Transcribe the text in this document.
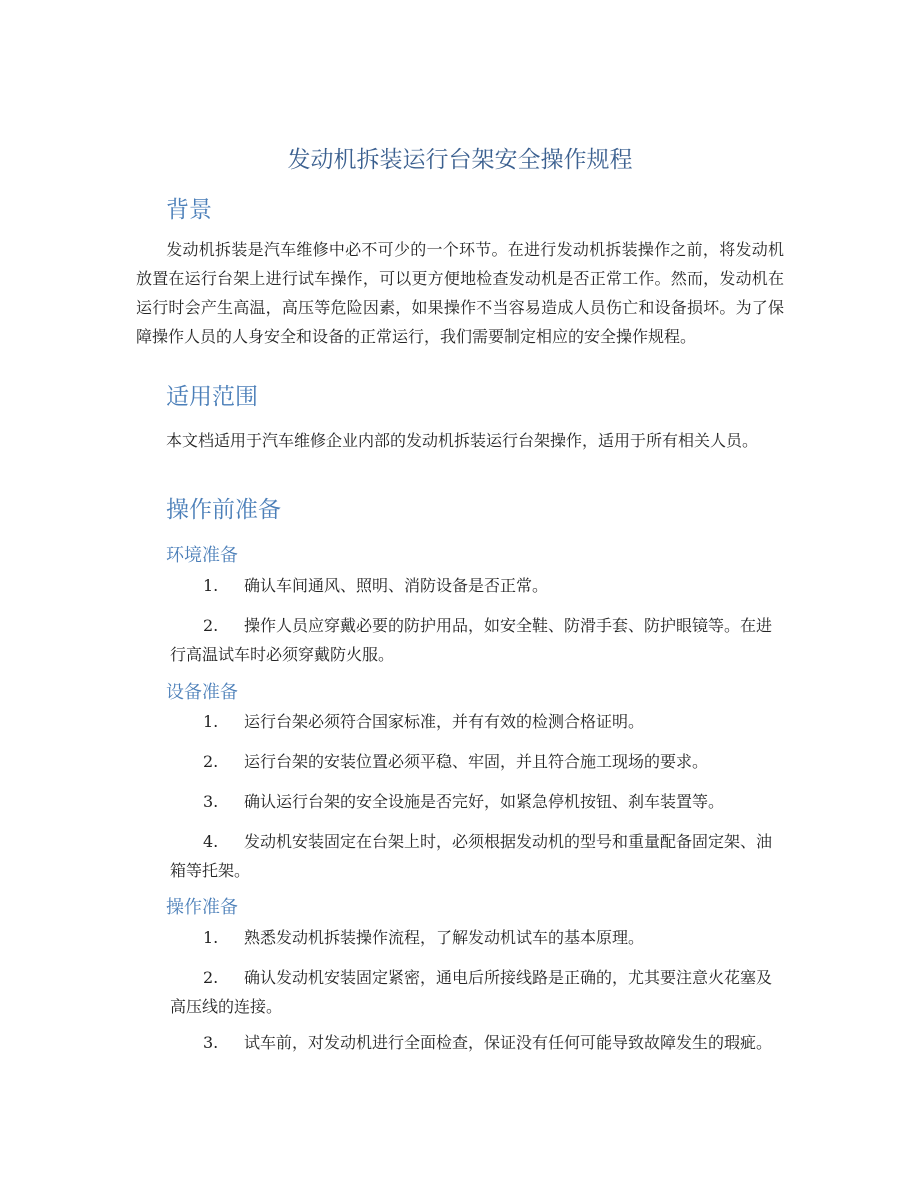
发动机拆装运行台架安全操作规程
背景

发动机拆装是汽车维修中必不可少的一个环节。在进行发动机拆装操作之前，将发动机放置在运行台架上进行试车操作，可以更方便地检查发动机是否正常工作。然而，发动机在运行时会产生高温，高压等危险因素，如果操作不当容易造成人员伤亡和设备损坏。为了保障操作人员的人身安全和设备的正常运行，我们需要制定相应的安全操作规程。

适用范围

本文档适用于汽车维修企业内部的发动机拆装运行台架操作，适用于所有相关人员。

操作前准备
环境准备

1. 确认车间通风、照明、消防设备是否正常。

2. 操作人员应穿戴必要的防护用品，如安全鞋、防滑手套、防护眼镜等。在进行高温试车时必须穿戴防火服。

设备准备

1. 运行台架必须符合国家标准，并有有效的检测合格证明。

2. 运行台架的安装位置必须平稳、牢固，并且符合施工现场的要求。

3. 确认运行台架的安全设施是否完好，如紧急停机按钮、刹车装置等。

4. 发动机安装固定在台架上时，必须根据发动机的型号和重量配备固定架、油箱等托架。

操作准备

1. 熟悉发动机拆装操作流程，了解发动机试车的基本原理。

2. 确认发动机安装固定紧密，通电后所接线路是正确的，尤其要注意火花塞及高压线的连接。

3. 试车前，对发动机进行全面检查，保证没有任何可能导致故障发生的瑕疵。
